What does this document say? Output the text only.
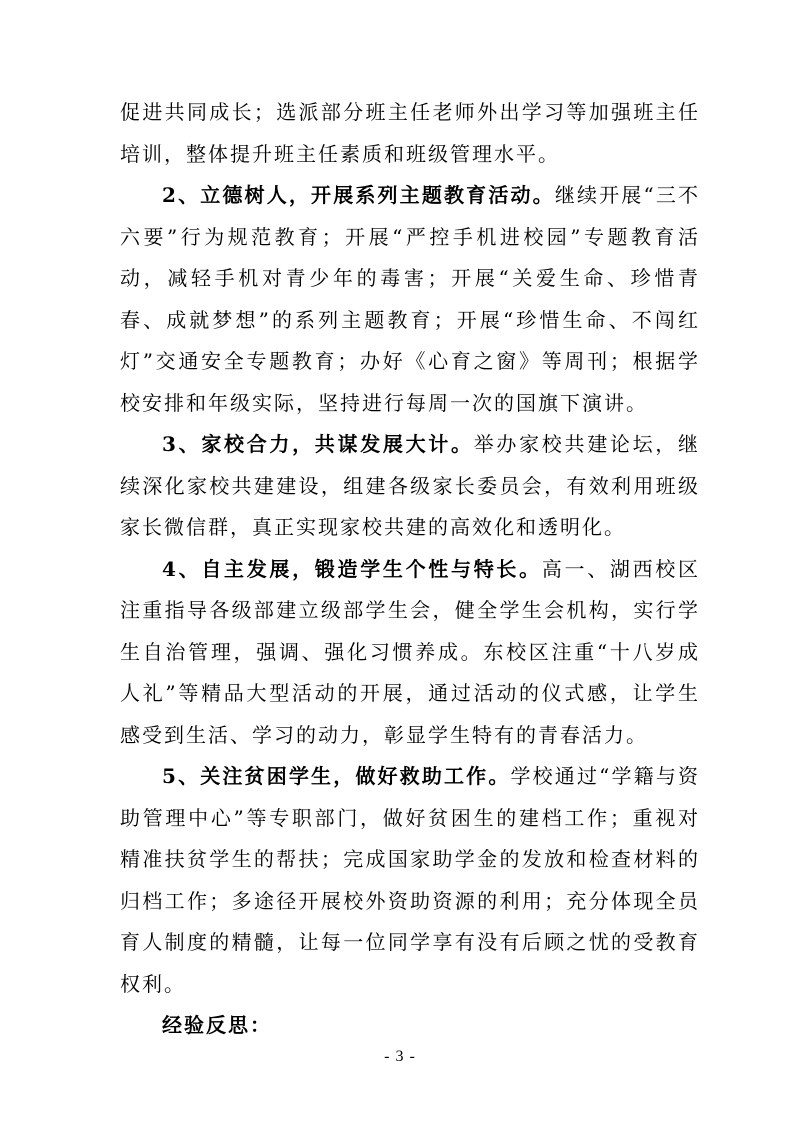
促进共同成长；选派部分班主任老师外出学习等加强班主任培训，整体提升班主任素质和班级管理水平。

2、立德树人，开展系列主题教育活动。继续开展“三不六要”行为规范教育；开展“严控手机进校园”专题教育活动，减轻手机对青少年的毒害；开展“关爱生命、珍惜青春、成就梦想”的系列主题教育；开展“珍惜生命、不闯红灯”交通安全专题教育；办好《心育之窗》等周刊；根据学校安排和年级实际，坚持进行每周一次的国旗下演讲。

3、家校合力，共谋发展大计。举办家校共建论坛，继续深化家校共建建设，组建各级家长委员会，有效利用班级家长微信群，真正实现家校共建的高效化和透明化。

4、自主发展，锻造学生个性与特长。高一、湖西校区注重指导各级部建立级部学生会，健全学生会机构，实行学生自治管理，强调、强化习惯养成。东校区注重“十八岁成人礼”等精品大型活动的开展，通过活动的仪式感，让学生感受到生活、学习的动力，彰显学生特有的青春活力。

5、关注贫困学生，做好救助工作。学校通过“学籍与资助管理中心”等专职部门，做好贫困生的建档工作；重视对精准扶贫学生的帮扶；完成国家助学金的发放和检查材料的归档工作；多途径开展校外资助资源的利用；充分体现全员育人制度的精髓，让每一位同学享有没有后顾之忧的受教育权利。

经验反思：

- 3 -
